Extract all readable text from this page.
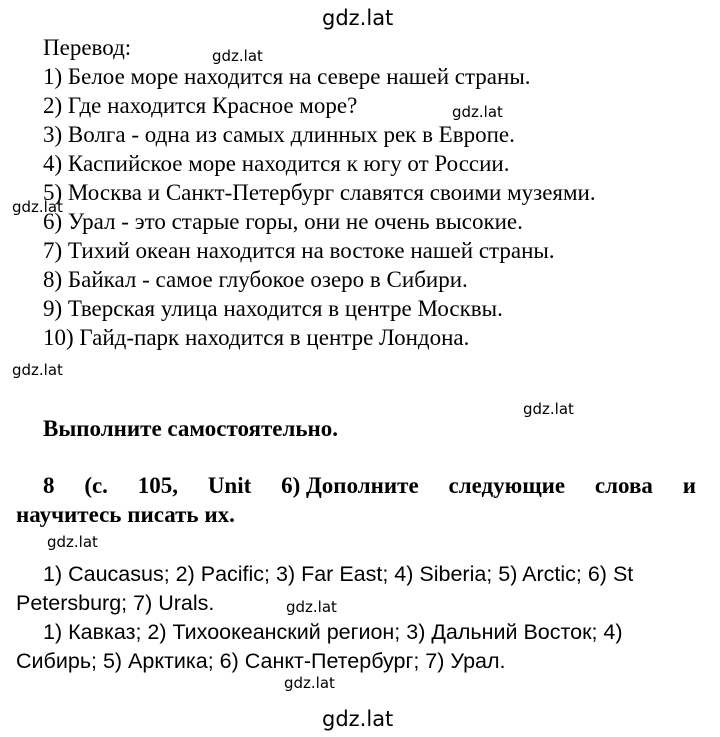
gdz.lat
gdz.lat
gdz.lat
gdz.lat
gdz.lat
gdz.lat
gdz.lat
gdz.lat
gdz.lat
gdz.lat
Перевод:
1) Белое море находится на севере нашей страны.
2) Где находится Красное море?
3) Волга - одна из самых длинных рек в Европе.
4) Каспийское море находится к югу от России.
5) Москва и Санкт-Петербург славятся своими музеями.
6) Урал - это старые горы, они не очень высокие.
7) Тихий океан находится на востоке нашей страны.
8) Байкал - самое глубокое озеро в Сибири.
9) Тверская улица находится в центре Москвы.
10) Гайд-парк находится в центре Лондона.
Выполните самостоятельно.
8 (с. 105, Unit 6) Дополните следующие слова и
научитесь писать их.
1) Caucasus; 2) Pacific; 3) Far East; 4) Siberia; 5) Arctic; 6) St
Petersburg; 7) Urals.
1) Кавказ; 2) Тихоокеанский регион; 3) Дальний Восток; 4)
Сибирь; 5) Арктика; 6) Санкт-Петербург; 7) Урал.
